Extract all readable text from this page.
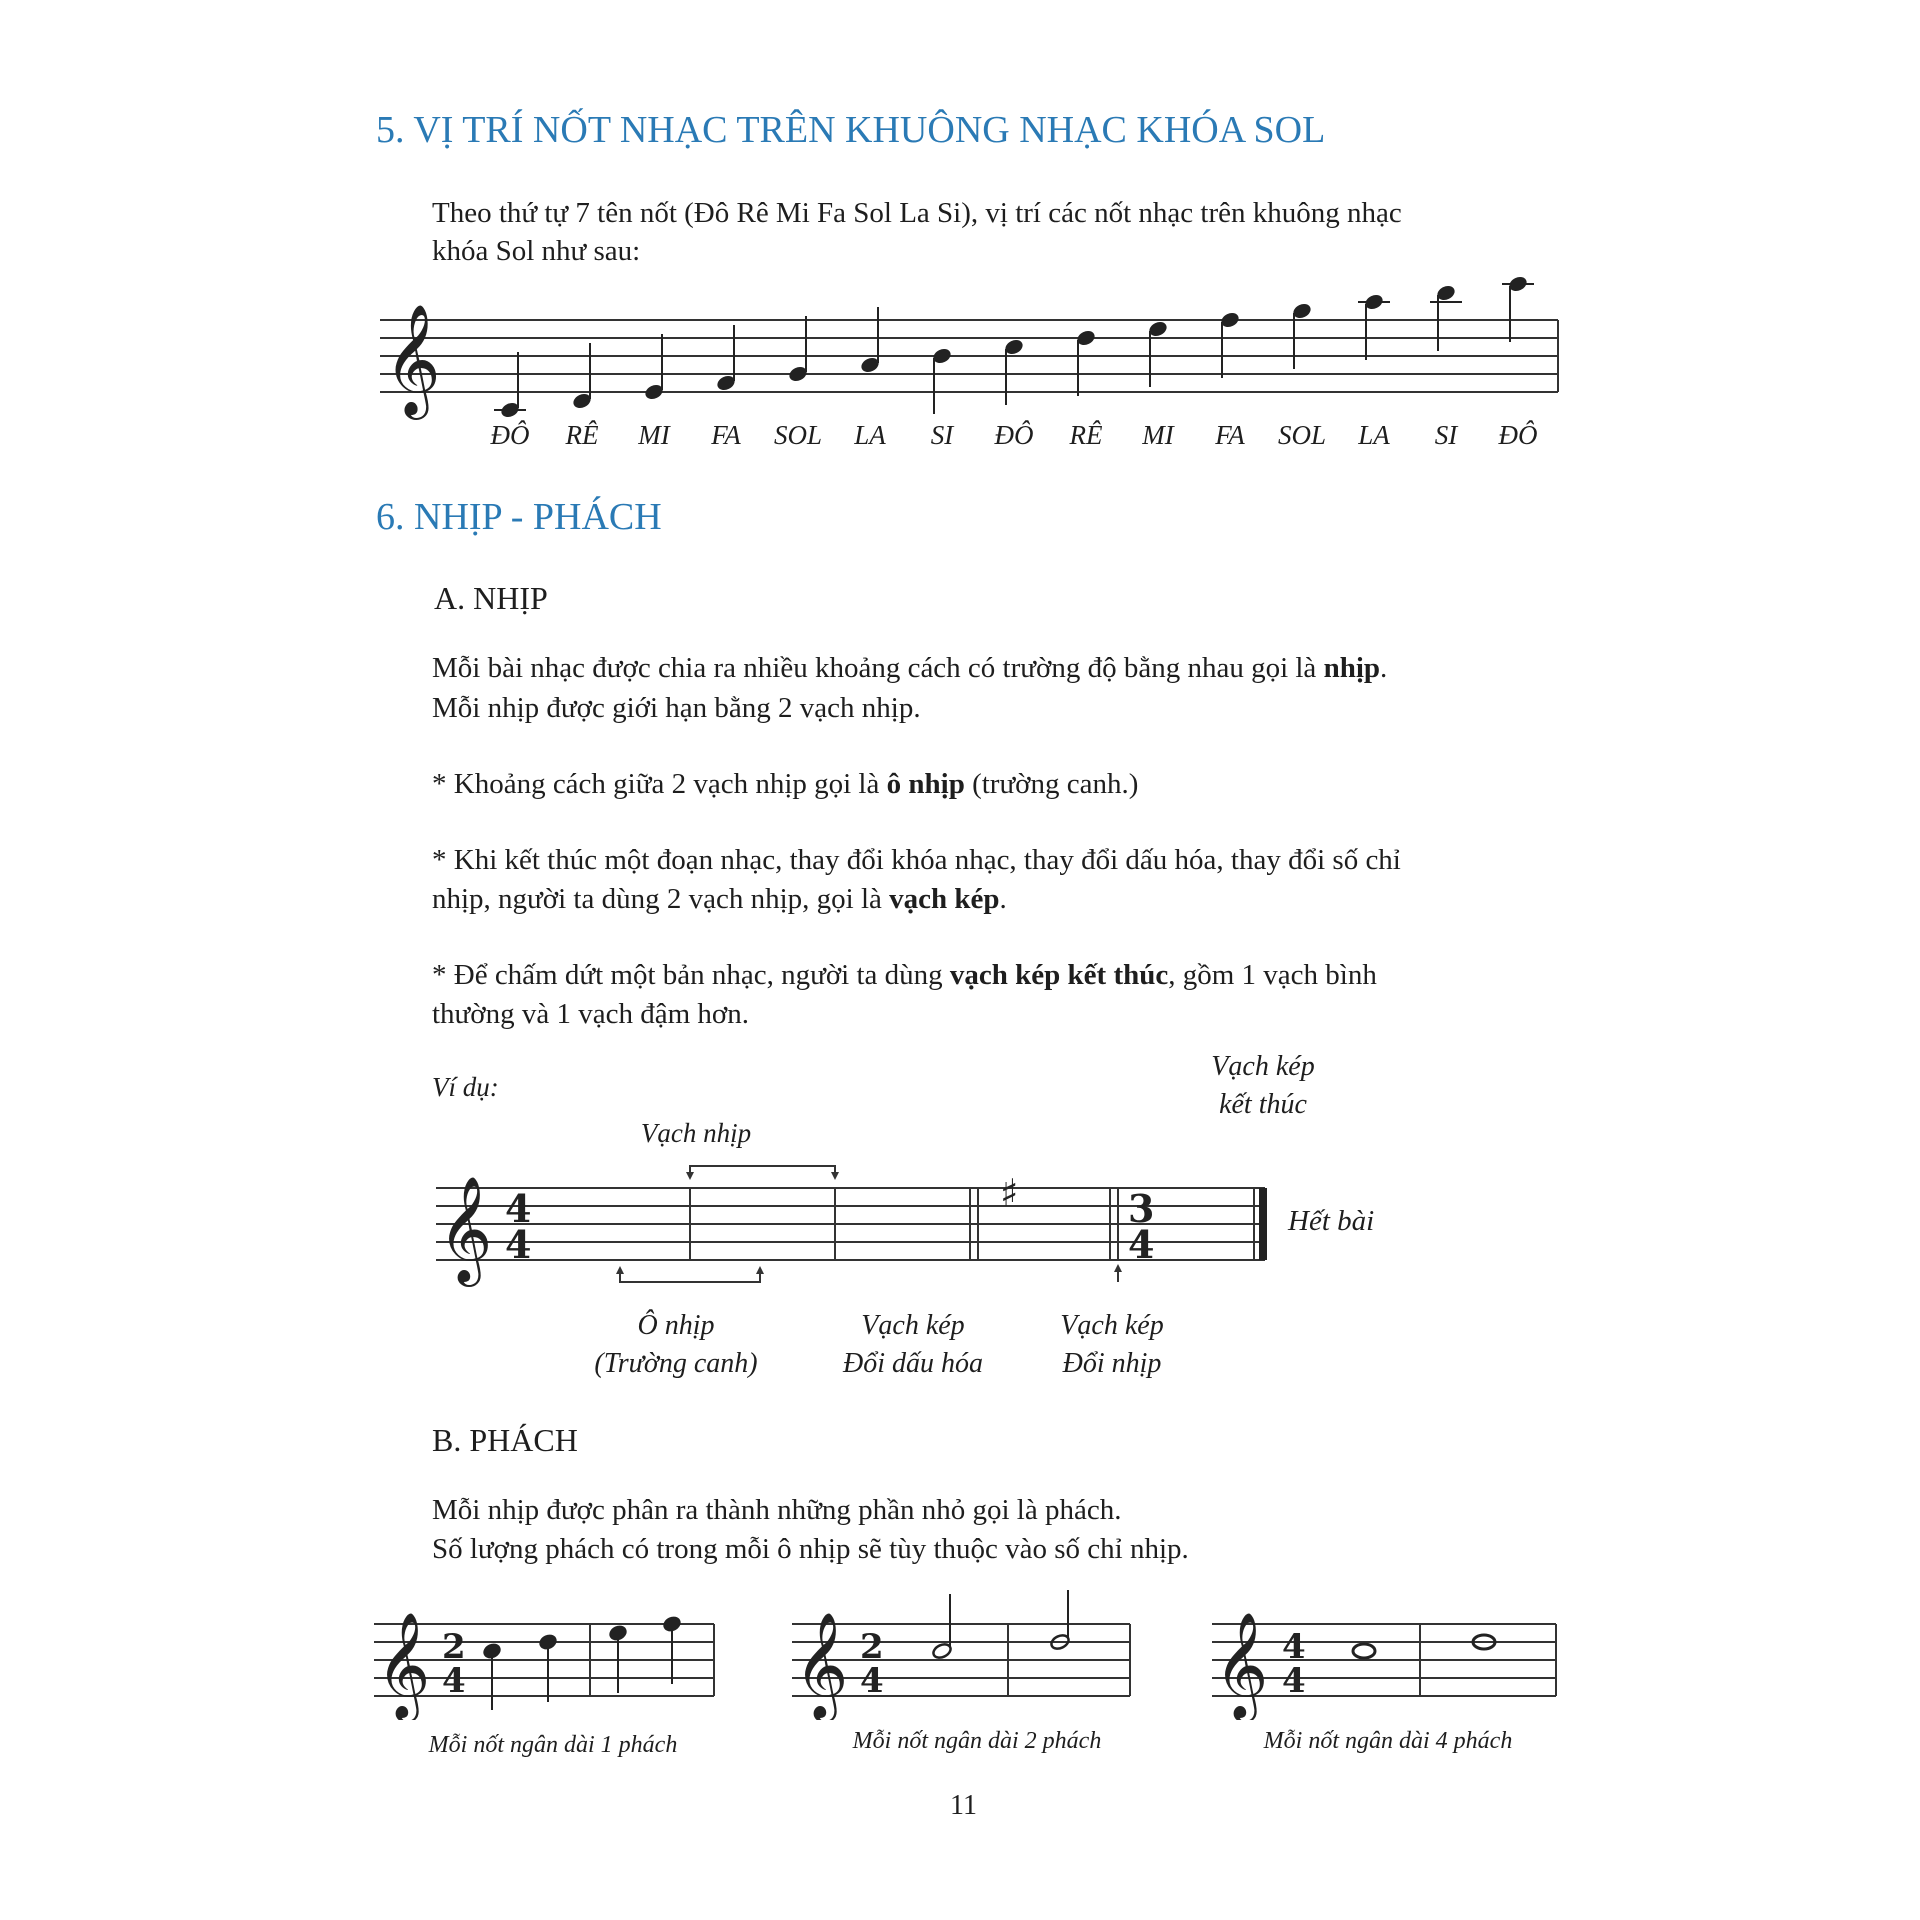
5. VỊ TRÍ NỐT NHẠC TRÊN KHUÔNG NHẠC KHÓA SOL
Theo thứ tự 7 tên nốt (Đô Rê Mi Fa Sol La Si), vị trí các nốt nhạc trên khuông nhạc
khóa Sol như sau:
𝄞
ĐÔ RÊ MI FA SOL LA SI ĐÔ RÊ MI FA SOL LA SI ĐÔ
6. NHỊP - PHÁCH
A. NHỊP
Mỗi bài nhạc được chia ra nhiều khoảng cách có trường độ bằng nhau gọi là nhịp.
Mỗi nhịp được giới hạn bằng 2 vạch nhịp.
* Khoảng cách giữa 2 vạch nhịp gọi là ô nhịp (trường canh.)
* Khi kết thúc một đoạn nhạc, thay đổi khóa nhạc, thay đổi dấu hóa, thay đổi số chỉ
nhịp, người ta dùng 2 vạch nhịp, gọi là vạch kép.
* Để chấm dứt một bản nhạc, người ta dùng vạch kép kết thúc, gồm 1 vạch bình
thường và 1 vạch đậm hơn.
Ví dụ:
Vạch kép
kết thúc
Vạch nhịp
𝄞 4
4
♯	3
4
Hết bài
Ô nhịp
(Trường canh)
Vạch kép
Đổi dấu hóa
Vạch kép
Đổi nhịp
B. PHÁCH
Mỗi nhịp được phân ra thành những phần nhỏ gọi là phách.
Số lượng phách có trong mỗi ô nhịp sẽ tùy thuộc vào số chỉ nhịp.
𝄞	𝄞	𝄞
2
4
2
4
4
4
Mỗi nốt ngân dài 1 phách	Mỗi nốt ngân dài 2 phách	Mỗi nốt ngân dài 4 phách
11
